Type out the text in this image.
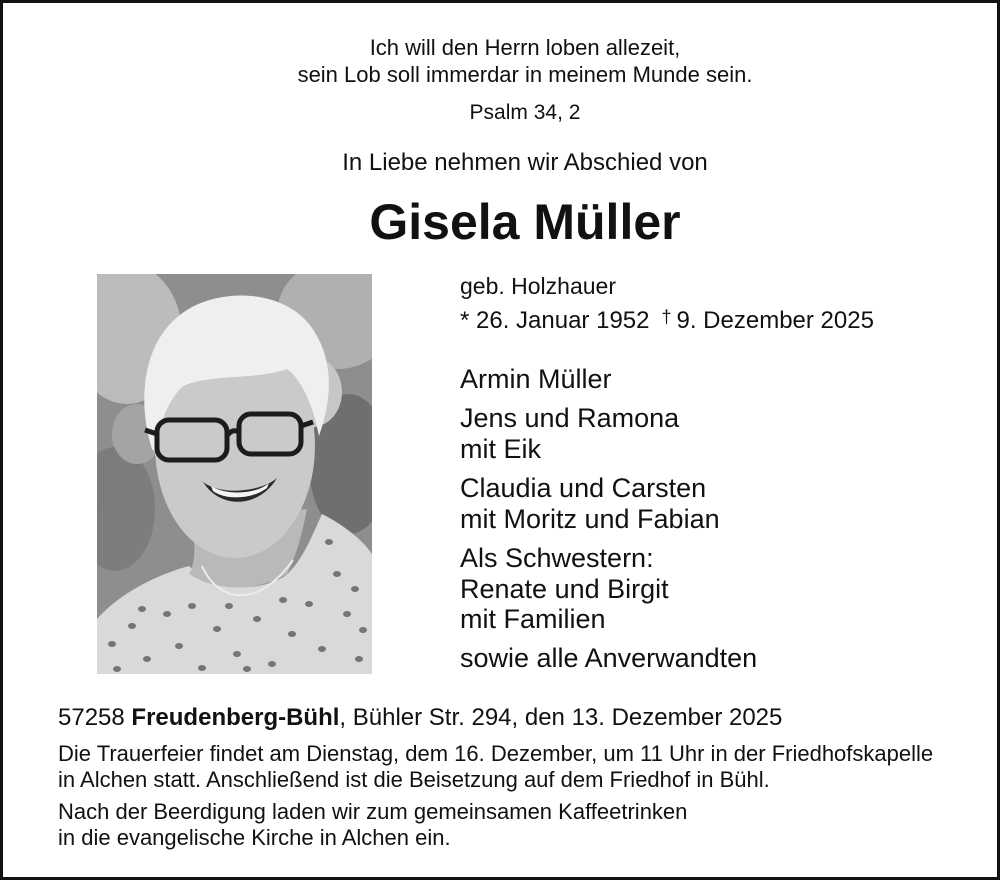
Ich will den Herrn loben allezeit,
sein Lob soll immerdar in meinem Munde sein.
Psalm 34, 2
In Liebe nehmen wir Abschied von
Gisela Müller
geb. Holzhauer
* 26. Januar 1952 † 9. Dezember 2025
Armin Müller
Jens und Ramona
mit Eik
Claudia und Carsten
mit Moritz und Fabian
Als Schwestern:
Renate und Birgit
mit Familien
sowie alle Anverwandten
57258 Freudenberg-Bühl, Bühler Str. 294, den 13. Dezember 2025
Die Trauerfeier findet am Dienstag, dem 16. Dezember, um 11 Uhr in der Friedhofskapelle
in Alchen statt. Anschließend ist die Beisetzung auf dem Friedhof in Bühl.
Nach der Beerdigung laden wir zum gemeinsamen Kaffeetrinken
in die evangelische Kirche in Alchen ein.
